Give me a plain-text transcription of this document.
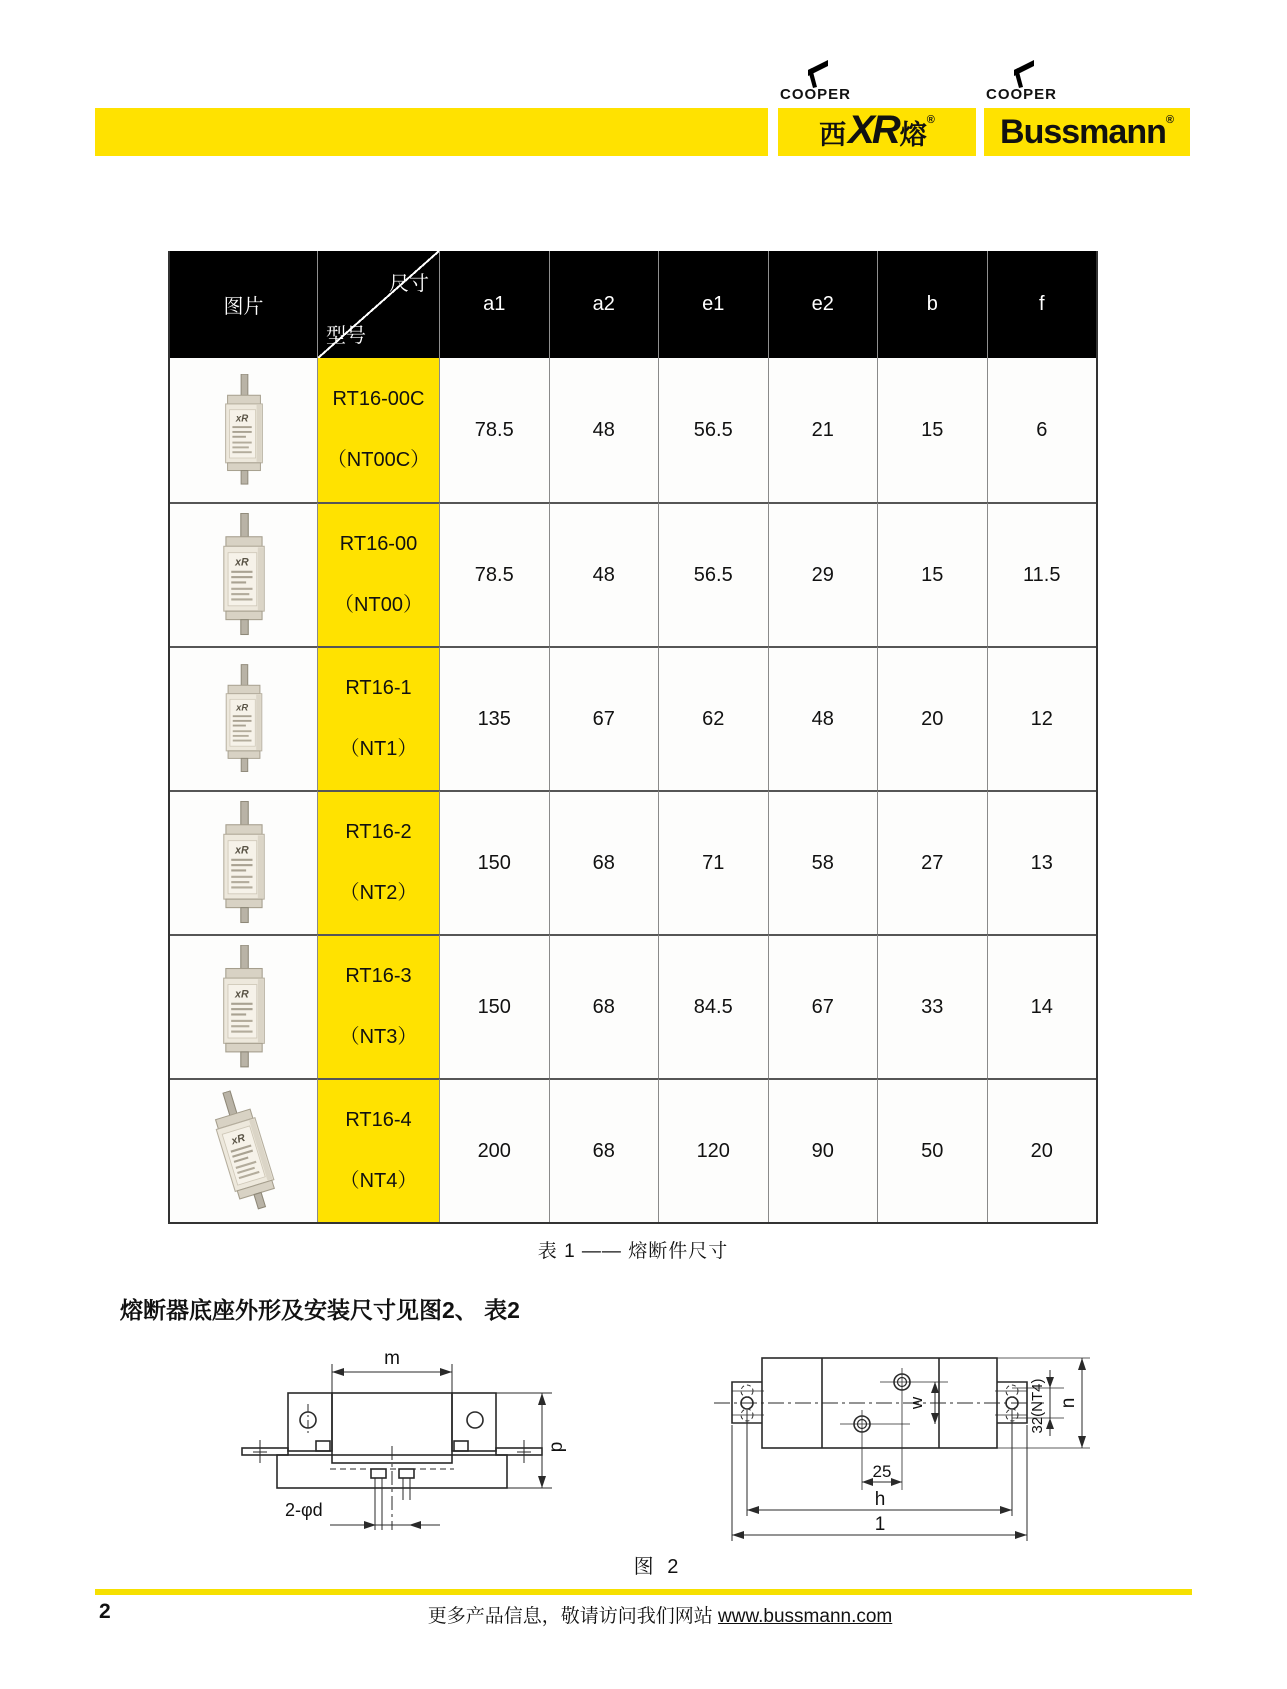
COOPER
西 XR 熔 ®
COOPER
Bussmann ®
图片
尺寸
型号
a1	a2	e1	e2	b	f
RT16-00C
（NT00C）
78.5	48	56.5	21	15	6
RT16-00
（NT00）
78.5	48	56.5	29	15	11.5
RT16-1
（NT1）
135	67	62	48	20	12
RT16-2
（NT2）
150	68	71	58	27	13
RT16-3
（NT3）
150	68	84.5	67	33	14
RT16-4
（NT4）
200	68	120	90	50	20
表 1 —— 熔断件尺寸
熔断器底座外形及安装尺寸见图2、 表2
m
p
2-φd
w	32(NT4)
25
h
1
n
图 2
2	更多产品信息，敬请访问我们网站 www.bussmann.com
